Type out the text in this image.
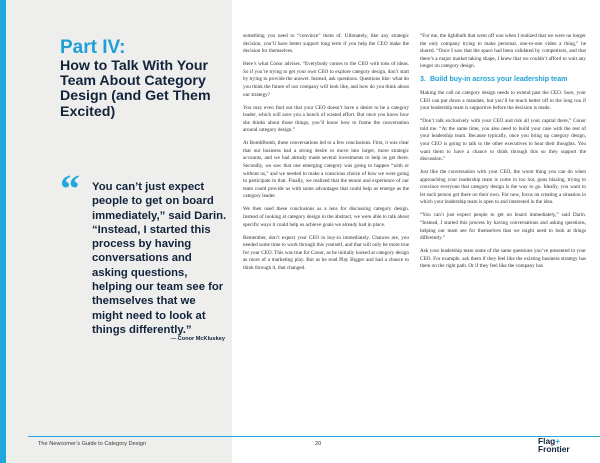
Part IV:
How to Talk With Your Team About Category Design (and Get Them Excited)
“ You can’t just expect people to get on board immediately,” said Darin. “Instead, I started this process by having conversations and asking questions, helping our team see for themselves that we might need to look at things differently.”
— Conor McKluskey

something you need to “convince” them of. Ultimately, like any strategic decision, you’ll have better support long term if you help the CEO make the decision for themselves.

Here’s what Conor advises. “Everybody comes to the CEO with tons of ideas. So if you’re trying to get your own CEO to explore category design, don’t start by trying to provide the answer. Instead, ask questions. Questions like: what do you think the future of our company will look like, and how do you think about our strategy?

You may even find out that your CEO doesn’t have a desire to be a category leader, which will save you a bunch of wasted effort. But once you know how she thinks about those things, you’ll know how to frame the conversation around category design.”

At BombBomb, these conversations led to a few conclusions. First, it was clear that our business had a strong desire to move into larger, more strategic accounts, and we had already made several investments to help us get there. Secondly, we saw that one emerging category was going to happen “with or without us,” and we needed to make a conscious choice of how we were going to participate in that. Finally, we realized that the tenure and experience of our team could provide us with some advantages that could help us emerge as the category leader.

We then used these conclusions as a lens for discussing category design. Instead of looking at category design in the abstract, we were able to talk about specific ways it could help us achieve goals we already had in place.

Remember, don’t expect your CEO to buy-in immediately. Chances are, you needed some time to work through this yourself, and that will only be more true for your CEO. This was true for Conor, as he initially looked at category design as more of a marketing play. But as he read Play Bigger and had a chance to think through it, that changed.

“For me, the lightbulb that went off was when I realized that we were no longer the only company trying to make personal, one-to-one video a thing,” he shared. “Once I saw that the space had been validated by competitors, and that there’s a major market taking shape, I knew that we couldn’t afford to wait any longer on category design.

3. Build buy-in across your leadership team

Making the call on category design needs to extend past the CEO. Sure, your CEO can put down a mandate, but you’ll be much better off in the long run if your leadership team is supportive before the decision is made.

“Don’t talk exclusively with your CEO and risk all your capital there,” Conor told me. “At the same time, you also need to build your case with the rest of your leadership team. Because typically, once you bring up category design, your CEO is going to talk to the other executives to hear their thoughts. You want them to have a chance to think through this so they support the discussion.”

Just like the conversation with your CEO, the worst thing you can do when approaching your leadership team is come in too hot, guns blazing, trying to convince everyone that category design is the way to go. Ideally, you want to let each person get there on their own. For now, focus on creating a situation in which your leadership team is open to and interested in the idea.

“You can’t just expect people to get on board immediately,” said Darin. “Instead, I started this process by having conversations and asking questions, helping our team see for themselves that we might need to look at things differently.”

Ask your leadership team some of the same questions you’ve presented to your CEO. For example, ask them if they feel like the existing business strategy has them on the right path. Or if they feel like the company has

The Newcomer’s Guide to Category Design	20	Flag+
Frontier
